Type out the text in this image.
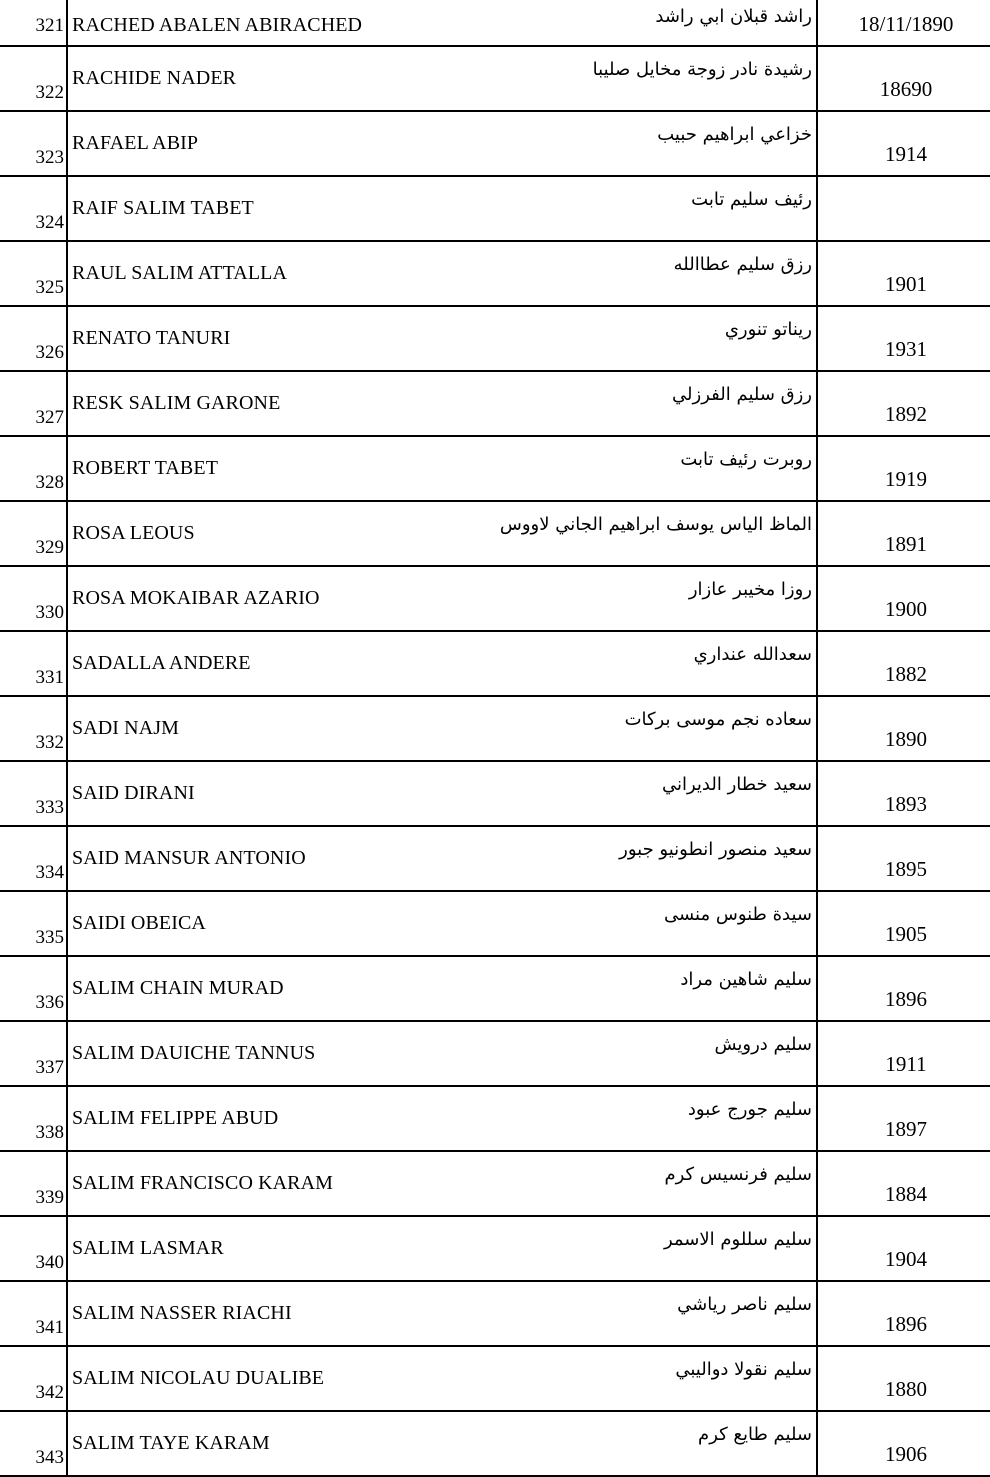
321	RACHED ABALEN ABIRACHED	راشد قبلان ابي راشد	18/11/1890
322	RACHIDE NADER	رشيدة نادر زوجة مخايل صليبا	18690
323	RAFAEL ABIP	خزاعي ابراهيم حبيب	1914
324	RAIF SALIM TABET	رئيف سليم تابت	
325	RAUL SALIM ATTALLA	رزق سليم عطاالله	1901
326	RENATO TANURI	ريناتو تنوري	1931
327	RESK SALIM GARONE	رزق سليم الفرزلي	1892
328	ROBERT TABET	روبرت رئيف تابت	1919
329	ROSA LEOUS	الماظ الياس يوسف ابراهيم الجاني لاووس	1891
330	ROSA MOKAIBAR AZARIO	روزا مخيبر عازار	1900
331	SADALLA ANDERE	سعدالله عنداري	1882
332	SADI NAJM	سعاده نجم موسى بركات	1890
333	SAID DIRANI	سعيد خطار الديراني	1893
334	SAID MANSUR ANTONIO	سعيد منصور انطونيو جبور	1895
335	SAIDI OBEICA	سيدة طنوس منسى	1905
336	SALIM CHAIN MURAD	سليم شاهين مراد	1896
337	SALIM DAUICHE TANNUS	سليم درويش	1911
338	SALIM FELIPPE ABUD	سليم جورج عبود	1897
339	SALIM FRANCISCO KARAM	سليم فرنسيس كرم	1884
340	SALIM LASMAR	سليم سللوم الاسمر	1904
341	SALIM NASSER RIACHI	سليم ناصر رياشي	1896
342	SALIM NICOLAU DUALIBE	سليم نقولا دواليبي	1880
343	SALIM TAYE KARAM	سليم طايع كرم	1906
